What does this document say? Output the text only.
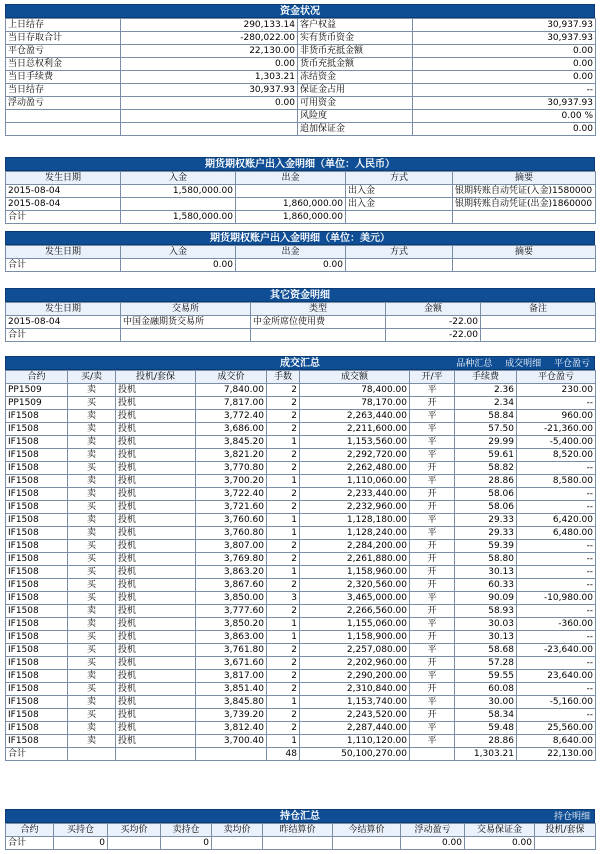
资金状况
上日结存	290,133.14	客户权益	30,937.93
当日存取合计	-280,022.00	实有货币资金	30,937.93
平仓盈亏	22,130.00	非货币充抵金额	0.00
当日总权利金	0.00	货币充抵金额	0.00
当日手续费	1,303.21	冻结资金	0.00
当日结存	30,937.93	保证金占用	--
浮动盈亏	0.00	可用资金	30,937.93
		风险度	0.00 %
		追加保证金	0.00
期货期权账户出入金明细（单位：人民币）
发生日期	入金	出金	方式	摘要
2015-08-04	1,580,000.00		出入金	银期转账自动凭证(入金)1580000
2015-08-04		1,860,000.00	出入金	银期转账自动凭证(出金)1860000
合计	1,580,000.00	1,860,000.00		
期货期权账户出入金明细（单位：美元）
发生日期	入金	出金	方式	摘要
合计	0.00	0.00		
其它资金明细
发生日期	交易所	类型	金额	备注
2015-08-04	中国金融期货交易所	中金所席位使用费	-22.00	
合计			-22.00	
成交汇总	品种汇总 成交明细 平仓盈亏
合约	买/卖	投机/套保	成交价	手数	成交额	开/平	手续费	平仓盈亏
PP1509	卖	投机	7,840.00	2	78,400.00	平	2.36	230.00
PP1509	买	投机	7,817.00	2	78,170.00	开	2.34	--
IF1508	卖	投机	3,772.40	2	2,263,440.00	平	58.84	960.00
IF1508	卖	投机	3,686.00	2	2,211,600.00	平	57.50	-21,360.00
IF1508	卖	投机	3,845.20	1	1,153,560.00	平	29.99	-5,400.00
IF1508	卖	投机	3,821.20	2	2,292,720.00	平	59.61	8,520.00
IF1508	买	投机	3,770.80	2	2,262,480.00	开	58.82	--
IF1508	卖	投机	3,700.20	1	1,110,060.00	平	28.86	8,580.00
IF1508	卖	投机	3,722.40	2	2,233,440.00	开	58.06	--
IF1508	买	投机	3,721.60	2	2,232,960.00	开	58.06	--
IF1508	卖	投机	3,760.60	1	1,128,180.00	平	29.33	6,420.00
IF1508	卖	投机	3,760.80	1	1,128,240.00	平	29.33	6,480.00
IF1508	买	投机	3,807.00	2	2,284,200.00	开	59.39	--
IF1508	买	投机	3,769.80	2	2,261,880.00	开	58.80	--
IF1508	买	投机	3,863.20	1	1,158,960.00	开	30.13	--
IF1508	买	投机	3,867.60	2	2,320,560.00	开	60.33	--
IF1508	买	投机	3,850.00	3	3,465,000.00	平	90.09	-10,980.00
IF1508	卖	投机	3,777.60	2	2,266,560.00	开	58.93	--
IF1508	卖	投机	3,850.20	1	1,155,060.00	平	30.03	-360.00
IF1508	买	投机	3,863.00	1	1,158,900.00	开	30.13	--
IF1508	买	投机	3,761.80	2	2,257,080.00	平	58.68	-23,640.00
IF1508	买	投机	3,671.60	2	2,202,960.00	开	57.28	--
IF1508	卖	投机	3,817.00	2	2,290,200.00	平	59.55	23,640.00
IF1508	买	投机	3,851.40	2	2,310,840.00	开	60.08	--
IF1508	卖	投机	3,845.80	1	1,153,740.00	平	30.00	-5,160.00
IF1508	买	投机	3,739.20	2	2,243,520.00	开	58.34	--
IF1508	卖	投机	3,812.40	2	2,287,440.00	平	59.48	25,560.00
IF1508	卖	投机	3,700.40	1	1,110,120.00	平	28.86	8,640.00
合计				48	50,100,270.00		1,303.21	22,130.00
持仓汇总	持仓明细
合约	买持仓	买均价	卖持仓	卖均价	昨结算价	今结算价	浮动盈亏	交易保证金	投机/套保
合计	0		0				0.00	0.00	
